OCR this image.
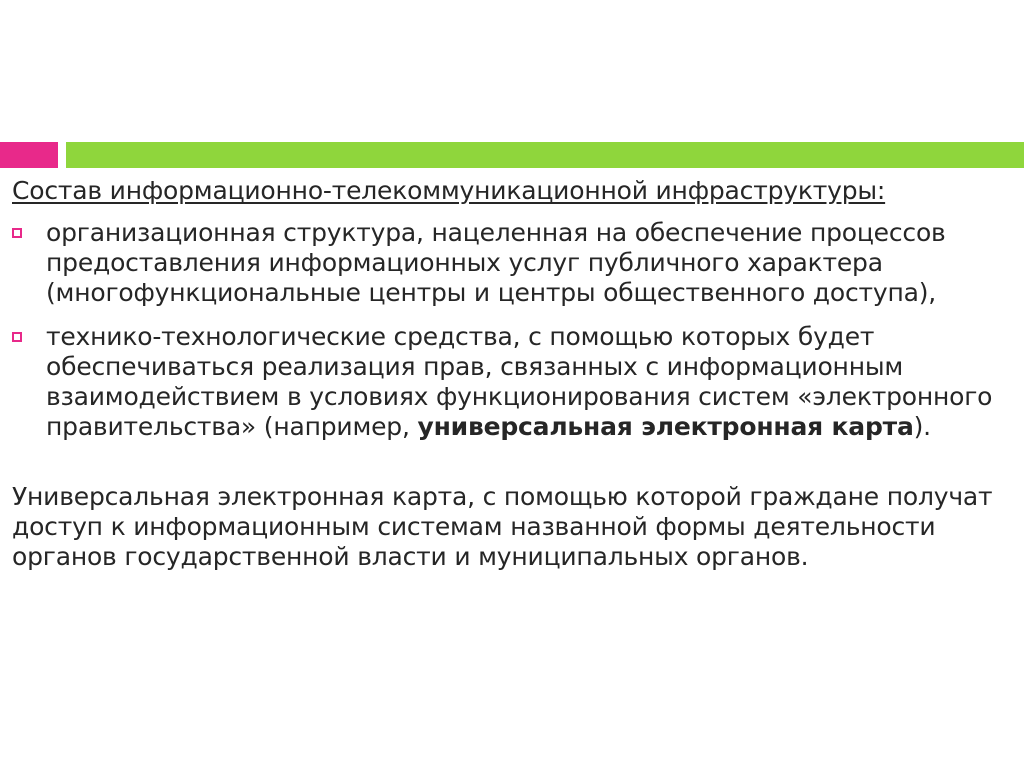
Состав информационно-телекоммуникационной инфраструктуры:

организационная структура, нацеленная на обеспечение процессов предоставления информационных услуг публичного характера (многофункциональные центры и центры общественного доступа),
технико-технологические средства, с помощью которых будет обеспечиваться реализация прав, связанных с информационным взаимодействием в условиях функционирования систем «электронного правительства» (например, универсальная электронная карта).

Универсальная электронная карта, с помощью которой граждане получат доступ к информационным системам названной формы деятельности органов государственной власти и муниципальных органов.
